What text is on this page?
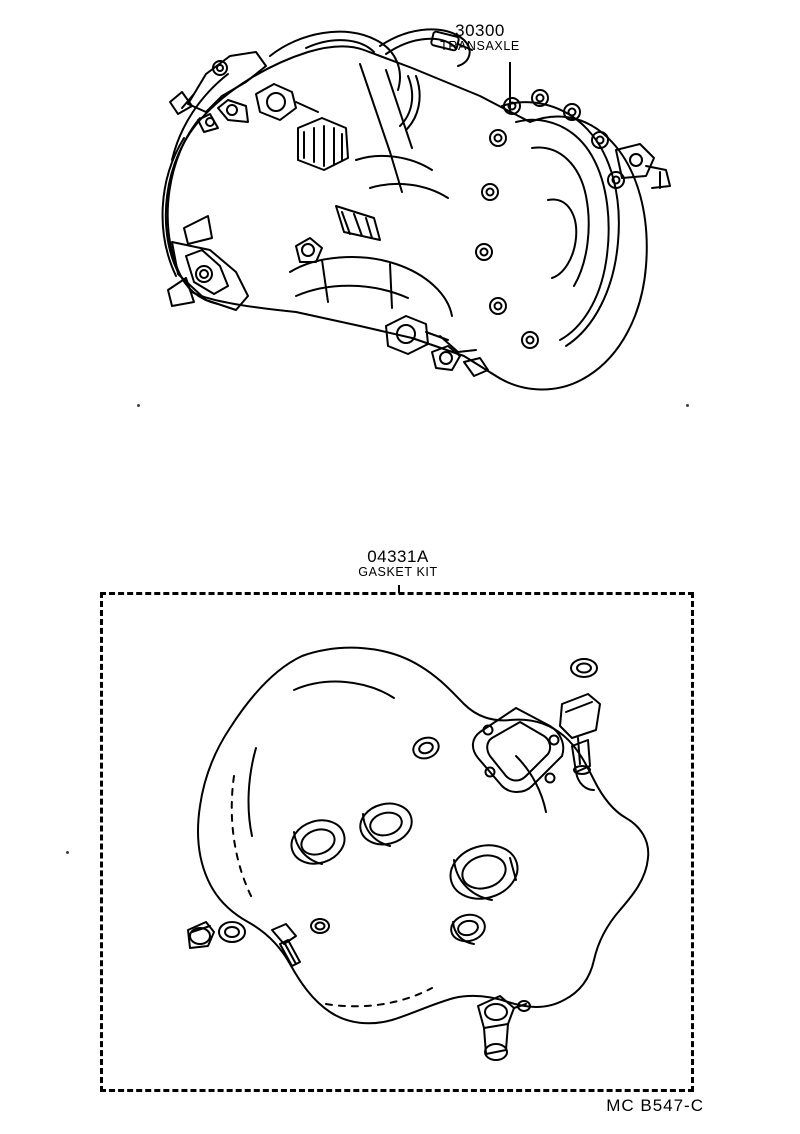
30300
TRANSAXLE
04331A
GASKET KIT
MC B547-C
